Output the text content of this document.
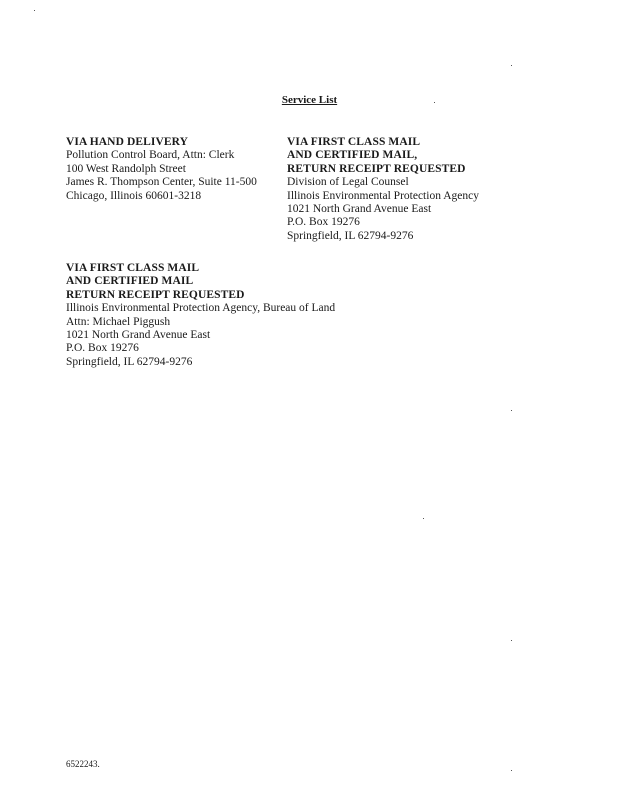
Service List
VIA HAND DELIVERY
Pollution Control Board, Attn: Clerk
100 West Randolph Street
James R. Thompson Center, Suite 11-500
Chicago, Illinois 60601-3218
VIA FIRST CLASS MAIL
AND CERTIFIED MAIL,
RETURN RECEIPT REQUESTED
Division of Legal Counsel
Illinois Environmental Protection Agency
1021 North Grand Avenue East
P.O. Box 19276
Springfield, IL 62794-9276
VIA FIRST CLASS MAIL
AND CERTIFIED MAIL
RETURN RECEIPT REQUESTED
Illinois Environmental Protection Agency, Bureau of Land
Attn: Michael Piggush
1021 North Grand Avenue East
P.O. Box 19276
Springfield, IL 62794-9276
6522243.
